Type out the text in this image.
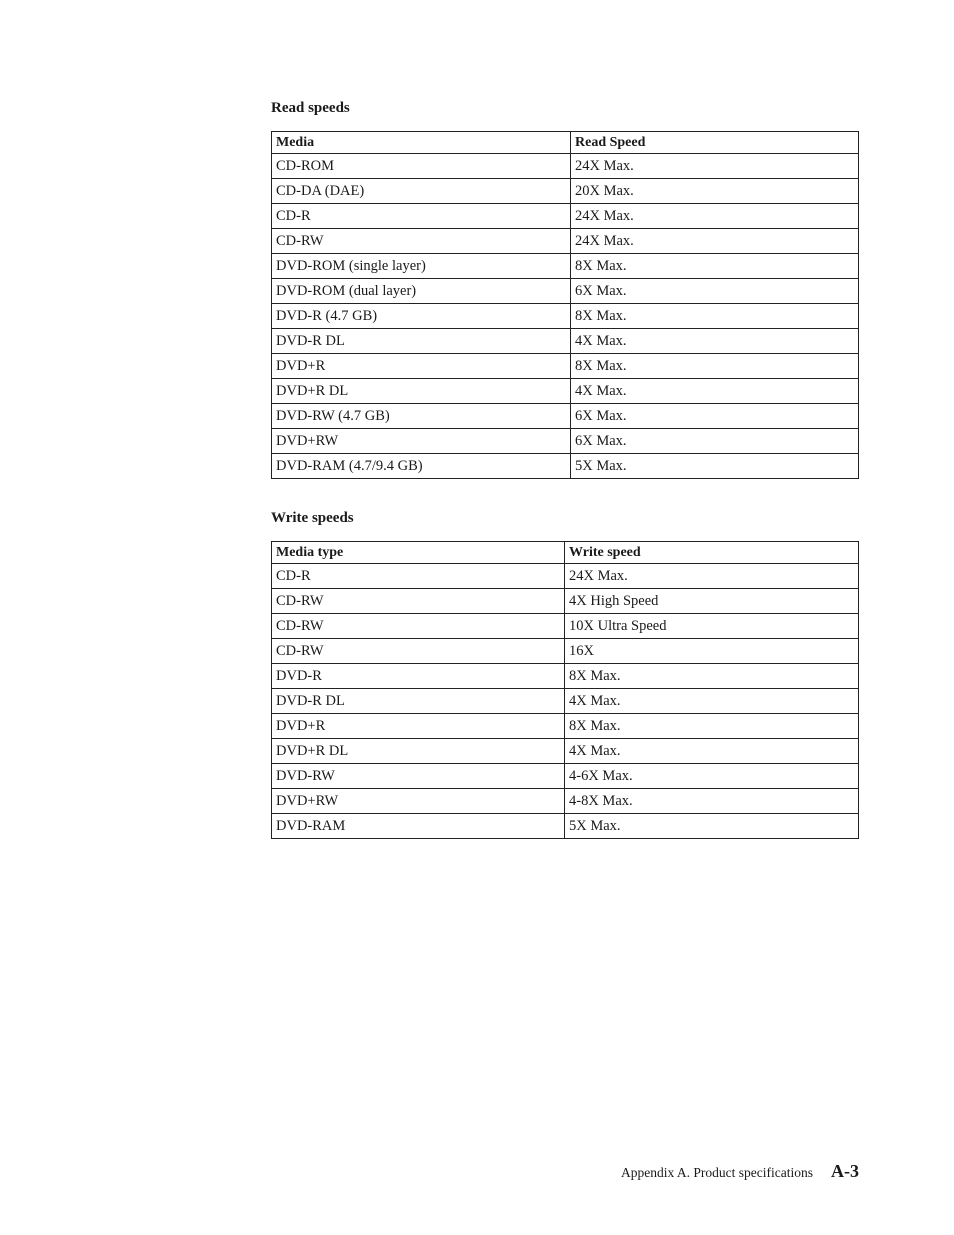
Read speeds
Media	Read Speed
CD-ROM	24X Max.
CD-DA (DAE)	20X Max.
CD-R	24X Max.
CD-RW	24X Max.
DVD-ROM (single layer)	8X Max.
DVD-ROM (dual layer)	6X Max.
DVD-R (4.7 GB)	8X Max.
DVD-R DL	4X Max.
DVD+R	8X Max.
DVD+R DL	4X Max.
DVD-RW (4.7 GB)	6X Max.
DVD+RW	6X Max.
DVD-RAM (4.7/9.4 GB)	5X Max.
Write speeds
Media type	Write speed
CD-R	24X Max.
CD-RW	4X High Speed
CD-RW	10X Ultra Speed
CD-RW	16X
DVD-R	8X Max.
DVD-R DL	4X Max.
DVD+R	8X Max.
DVD+R DL	4X Max.
DVD-RW	4-6X Max.
DVD+RW	4-8X Max.
DVD-RAM	5X Max.
Appendix A. Product specifications A-3
